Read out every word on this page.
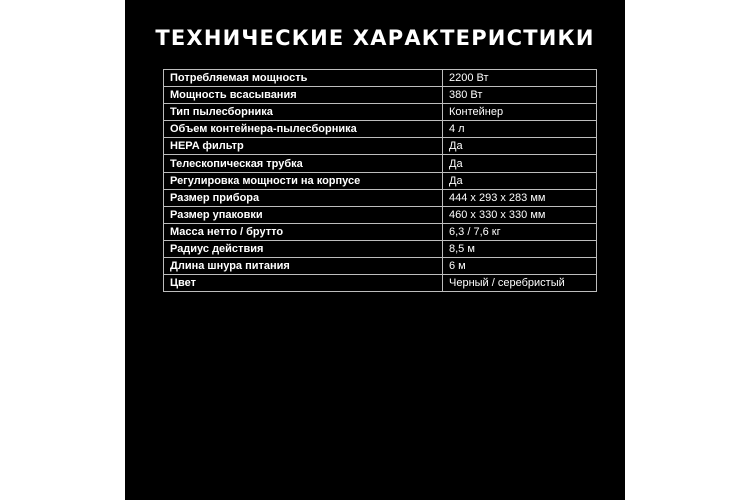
ТЕХНИЧЕСКИЕ ХАРАКТЕРИСТИКИ
Потребляемая мощность	2200 Вт
Мощность всасывания	380 Вт
Тип пылесборника	Контейнер
Объем контейнера-пылесборника	4 л
HEPA фильтр	Да
Телескопическая трубка	Да
Регулировка мощности на корпусе	Да
Размер прибора	444 x 293 x 283 мм
Размер упаковки	460 x 330 x 330 мм
Масса нетто / брутто	6,3 / 7,6 кг
Радиус действия	8,5 м
Длина шнура питания	6 м
Цвет	Черный / серебристый
